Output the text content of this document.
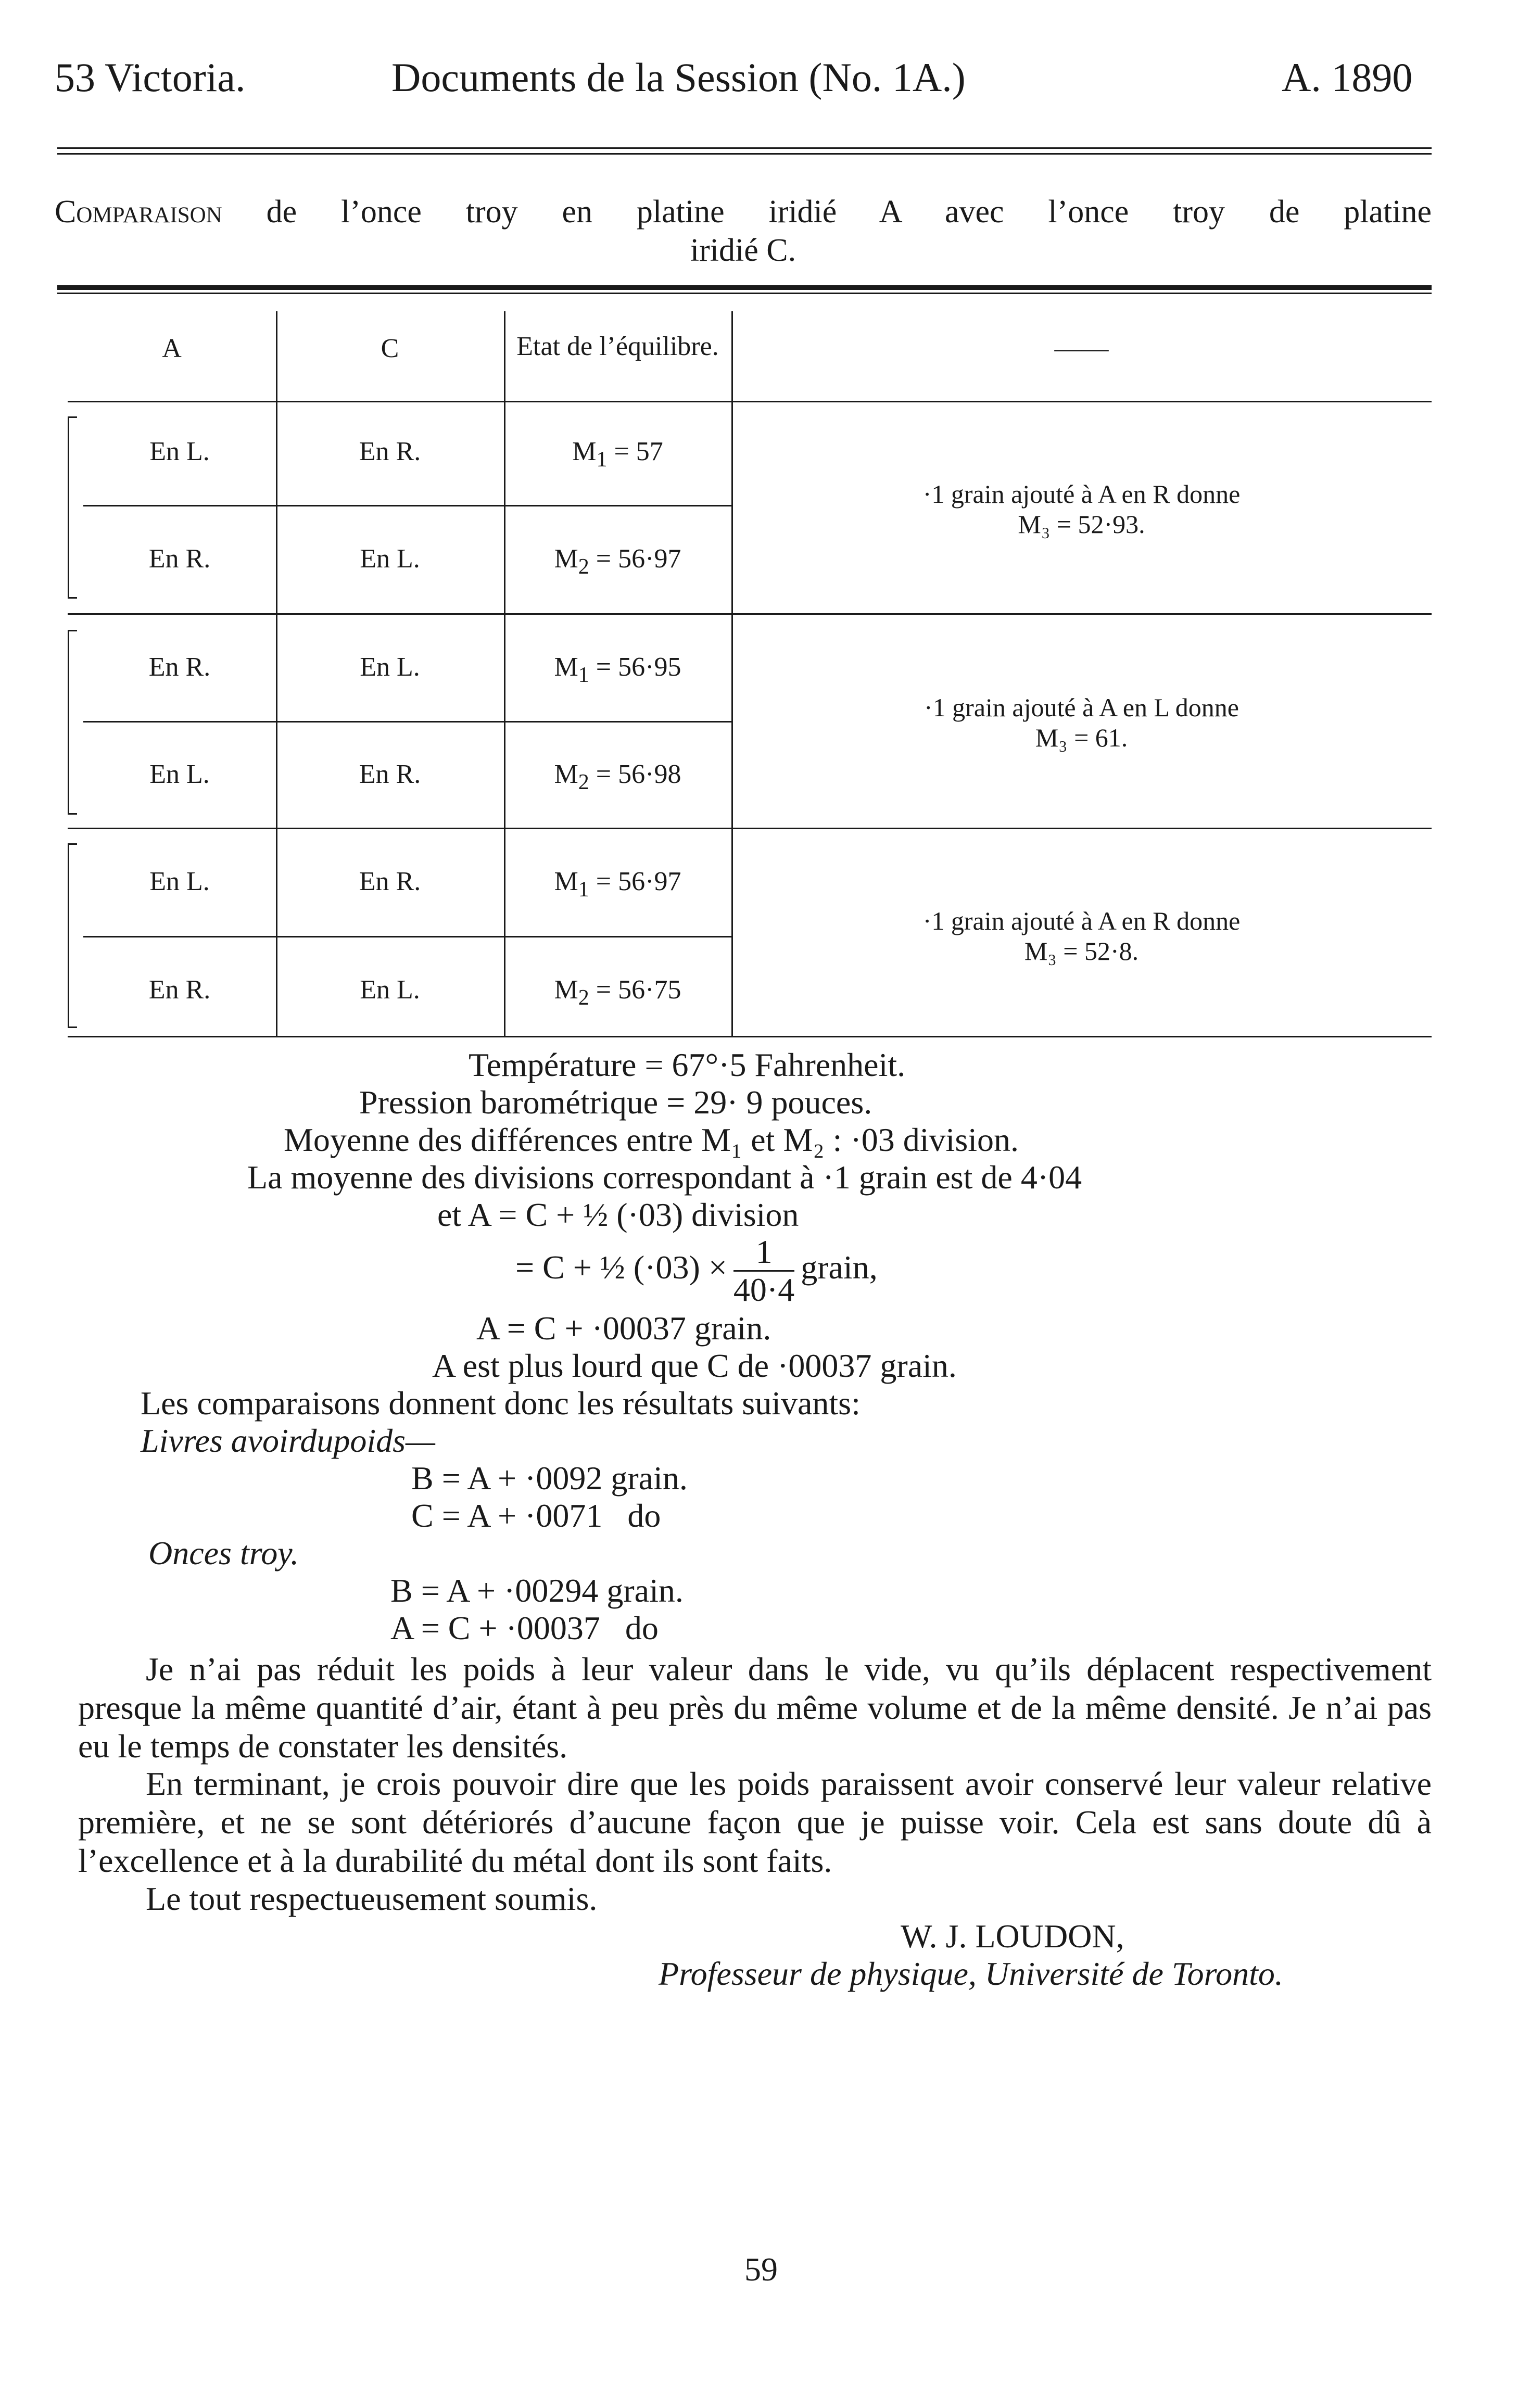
53 Victoria.	Documents de la Session (No. 1A.)	A. 1890
Comparaison de l’once troy en platine iridié A avec l’once troy de platine
iridié C.
A	C	Etat de l’équilibre.	——
En L.	En R.	$M_1 = 57$
En R.	En L.	$M_2 = 56\cdot 97$
·1 grain ajouté à A en R donne
M₃ = 52·93.
En R.	En L.	$M_1 = 56\cdot 95$
En L.	En R.	$M_2 = 56\cdot 98$
·1 grain ajouté à A en L donne
M₃ = 61.
En L.	En R.	$M_1 = 56\cdot 97$
En R.	En L.	$M_2 = 56\cdot 75$
·1 grain ajouté à A en R donne
M₃ = 52·8.
Température = 67°·5 Fahrenheit.
Pression barométrique = 29· 9 pouces.
Moyenne des différences entre M₁ et M₂ : ·03 division.
La moyenne des divisions correspondant à ·1 grain est de 4·04
et A = C + ½ (·03) division
= C + ½ $(\cdot 03) \times \frac{1}{40\cdot 4}$ grain,
A = C + ·00037 grain.
A est plus lourd que C de ·00037 grain.
Les comparaisons donnent donc les résultats suivants:
Livres avoirdupoids—
B = A + ·0092 grain.
C = A + ·0071   do
Onces troy.
B = A + ·00294 grain.
A = C + ·00037   do
Je n’ai pas réduit les poids à leur valeur dans le vide, vu qu’ils déplacent respectivement presque la même quantité d’air, étant à peu près du même volume et de la même densité. Je n’ai pas eu le temps de constater les densités.
En terminant, je crois pouvoir dire que les poids paraissent avoir conservé leur valeur relative première, et ne se sont détériorés d’aucune façon que je puisse voir. Cela est sans doute dû à l’excellence et à la durabilité du métal dont ils sont faits.
Le tout respectueusement soumis.
W. J. LOUDON,
Professeur de physique, Université de Toronto.
59
